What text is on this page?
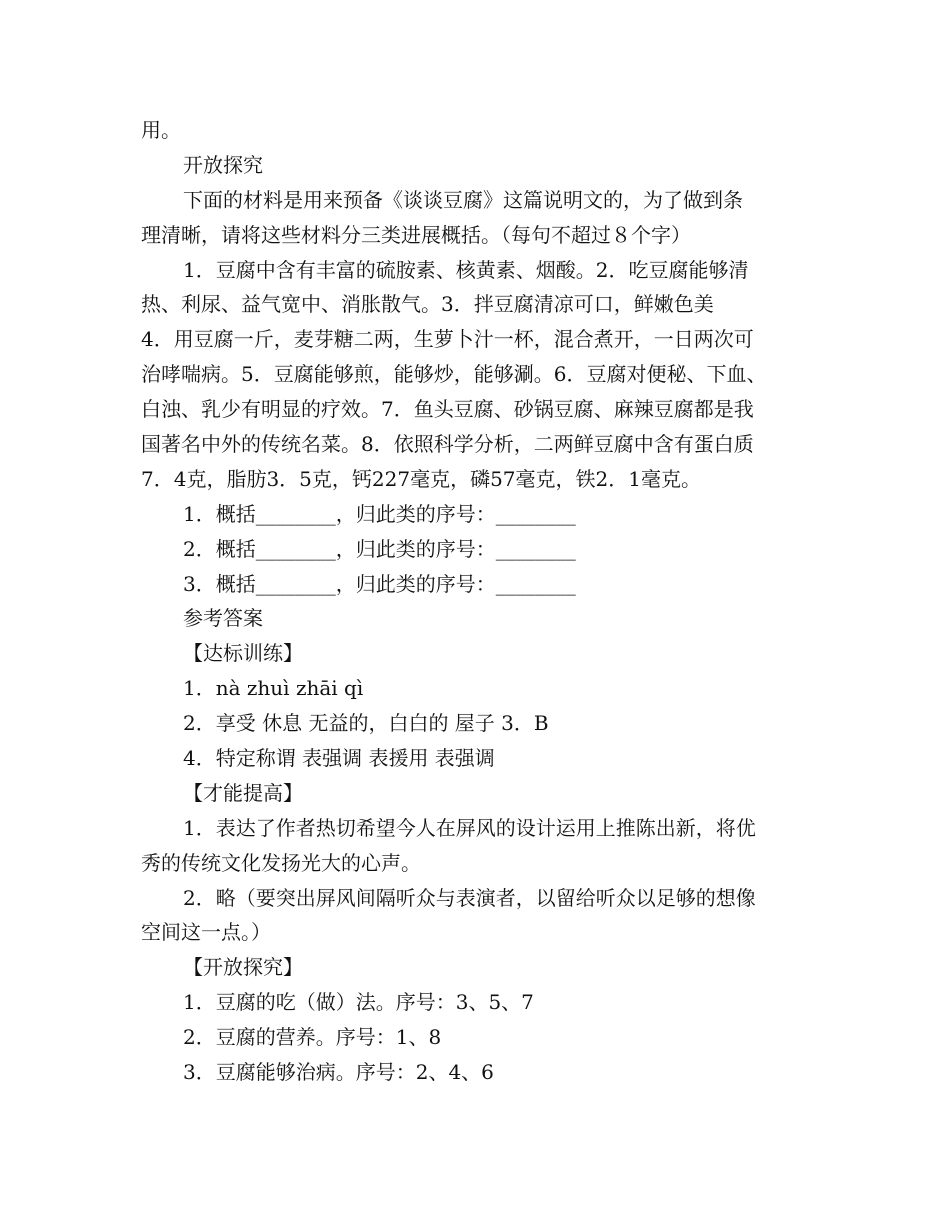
用。
开放探究
下面的材料是用来预备《谈谈豆腐》这篇说明文的，为了做到条
理清晰，请将这些材料分三类进展概括。（每句不超过８个字）
1．豆腐中含有丰富的硫胺素、核黄素、烟酸。2．吃豆腐能够清
热、利尿、益气宽中、消胀散气。3．拌豆腐清凉可口，鲜嫩色美
4．用豆腐一斤，麦芽糖二两，生萝卜汁一杯，混合煮开，一日两次可
治哮喘病。5．豆腐能够煎，能够炒，能够涮。6．豆腐对便秘、下血、
白浊、乳少有明显的疗效。7．鱼头豆腐、砂锅豆腐、麻辣豆腐都是我
国著名中外的传统名菜。8．依照科学分析，二两鲜豆腐中含有蛋白质
7．4克，脂肪3．5克，钙227毫克，磷57毫克，铁2．1毫克。
1．概括________，归此类的序号：________
2．概括________，归此类的序号：________
3．概括________，归此类的序号：________
参考答案
【达标训练】
1．nà zhuì zhāi qì
2．享受 休息 无益的，白白的 屋子 3．B
4．特定称谓 表强调 表援用 表强调
【才能提高】
1．表达了作者热切希望今人在屏风的设计运用上推陈出新，将优
秀的传统文化发扬光大的心声。
2．略（要突出屏风间隔听众与表演者，以留给听众以足够的想像
空间这一点。）
【开放探究】
1．豆腐的吃（做）法。序号：3、5、7
2．豆腐的营养。序号：1、8
3．豆腐能够治病。序号：2、4、6
